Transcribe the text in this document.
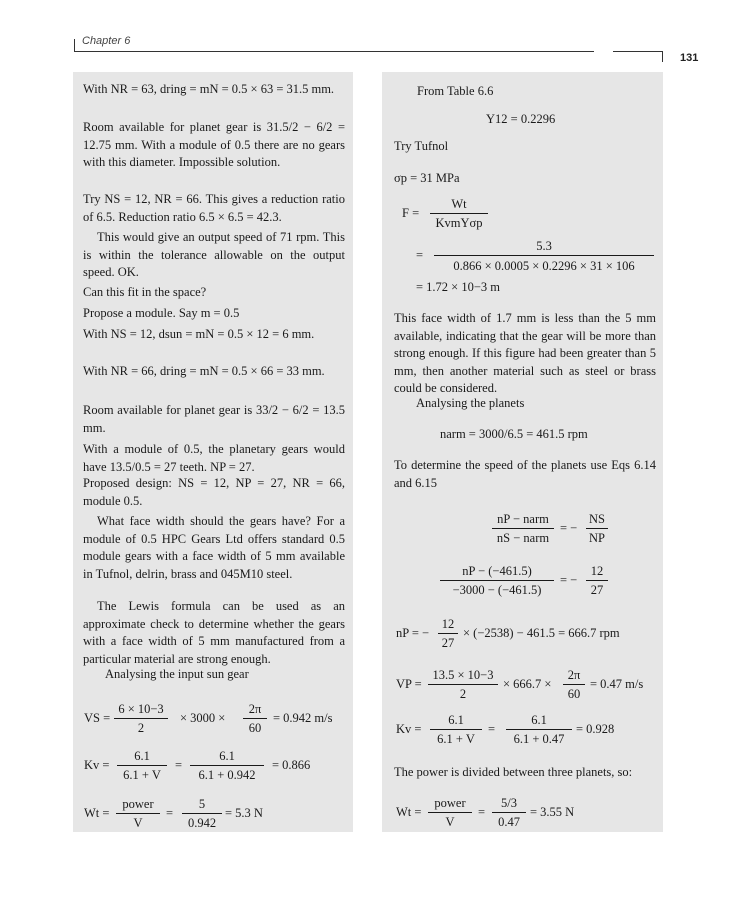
Chapter 6
131
With NR = 63, dring = mN = 0.5 × 63 = 31.5 mm.
Room available for planet gear is 31.5/2 − 6/2 = 12.75 mm. With a module of 0.5 there are no gears with this diameter. Impossible solution.
Try NS = 12, NR = 66. This gives a reduction ratio of 6.5. Reduction ratio 6.5 × 6.5 = 42.3.
This would give an output speed of 71 rpm. This is within the tolerance allowable on the output speed. OK.
Can this fit in the space?
Propose a module. Say m = 0.5
With NS = 12, dsun = mN = 0.5 × 12 = 6 mm.
With NR = 66, dring = mN = 0.5 × 66 = 33 mm.
Room available for planet gear is 33/2 − 6/2 = 13.5 mm.
With a module of 0.5, the planetary gears would have 13.5/0.5 = 27 teeth. NP = 27.
Proposed design: NS = 12, NP = 27, NR = 66, module 0.5.
What face width should the gears have? For a module of 0.5 HPC Gears Ltd offers standard 0.5 module gears with a face width of 5 mm available in Tufnol, delrin, brass and 045M10 steel.
The Lewis formula can be used as an approximate check to determine whether the gears with a face width of 5 mm manufactured from a particular material are strong enough.
Analysing the input sun gear
VS =
6 × 10−3
2
× 3000 ×
2π
60
= 0.942 m/s
Kv =
6.1
6.1 + V
=
6.1
6.1 + 0.942
= 0.866
Wt =
power
V
=
5
0.942
= 5.3 N
From Table 6.6
Y12 = 0.2296
Try Tufnol
σp = 31 MPa
F =
Wt
KvmYσp
=
5.3
0.866 × 0.0005 × 0.2296 × 31 × 106
= 1.72 × 10−3 m
This face width of 1.7 mm is less than the 5 mm available, indicating that the gear will be more than strong enough. If this figure had been greater than 5 mm, then another material such as steel or brass could be considered.
Analysing the planets
narm = 3000/6.5 = 461.5 rpm
To determine the speed of the planets use Eqs 6.14 and 6.15
nP − narm
nS − narm
= −
NS
NP
nP − (−461.5)
−3000 − (−461.5)
= −
12
27
nP = −
12
27
× (−2538) − 461.5 = 666.7 rpm
VP =
13.5 × 10−3
2
× 666.7 ×
2π
60
= 0.47 m/s
Kv =
6.1
6.1 + V
=
6.1
6.1 + 0.47
= 0.928
The power is divided between three planets, so:
Wt =
power
V
=
5/3
0.47
= 3.55 N
